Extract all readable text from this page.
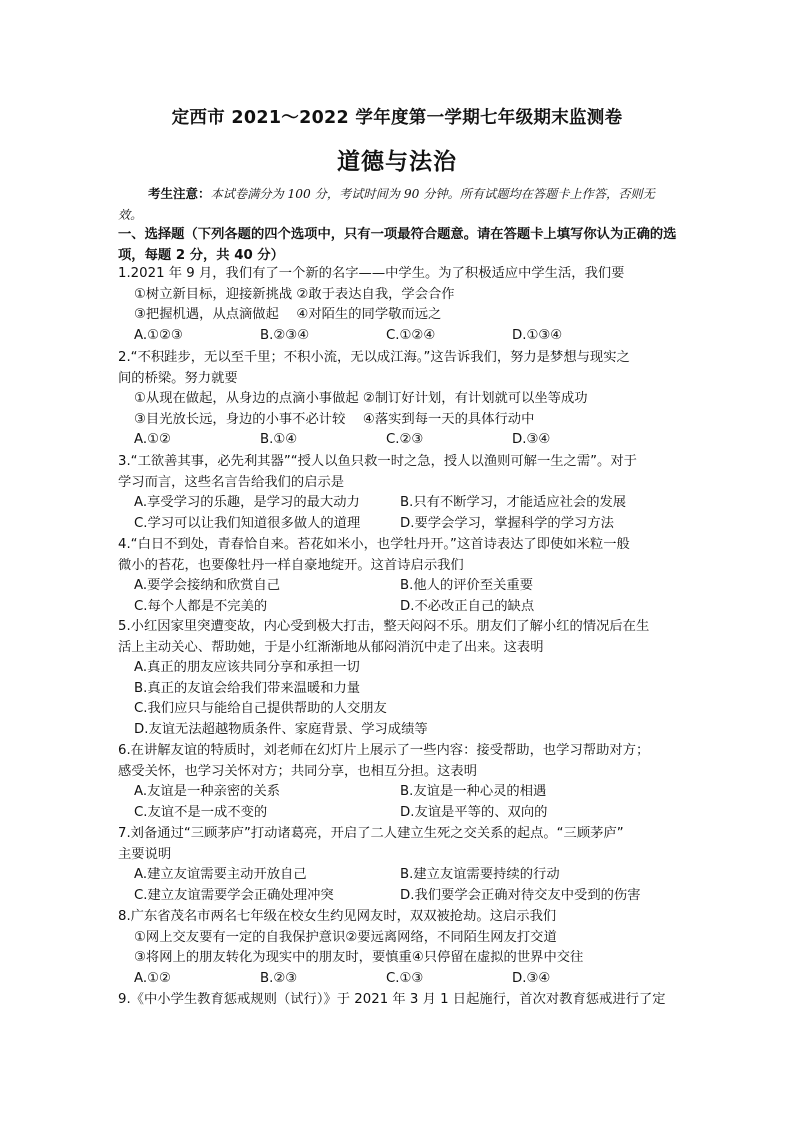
定西市 2021～2022 学年度第一学期七年级期末监测卷
道德与法治
考生注意：本试卷满分为 100 分，考试时间为 90 分钟。所有试题均在答题卡上作答，否则无效。
一、选择题（下列各题的四个选项中，只有一项最符合题意。请在答题卡上填写你认为正确的选项，每题 2 分，共 40 分）
1.2021 年 9 月，我们有了一个新的名字——中学生。为了积极适应中学生活，我们要
①树立新目标，迎接新挑战 ②敢于表达自我，学会合作
③把握机遇，从点滴做起　 ④对陌生的同学敬而远之
A.①②③	B.②③④	C.①②④	D.①③④
2.“不积跬步，无以至千里；不积小流，无以成江海。”这告诉我们，努力是梦想与现实之
间的桥梁。努力就要
①从现在做起，从身边的点滴小事做起 ②制订好计划，有计划就可以坐等成功
③目光放长远，身边的小事不必计较　 ④落实到每一天的具体行动中
A.①②	B.①④	C.②③	D.③④
3.“工欲善其事，必先利其器”“授人以鱼只救一时之急，授人以渔则可解一生之需”。对于
学习而言，这些名言告给我们的启示是
A.享受学习的乐趣，是学习的最大动力	B.只有不断学习，才能适应社会的发展
C.学习可以让我们知道很多做人的道理	D.要学会学习，掌握科学的学习方法
4.“白日不到处，青春恰自来。苔花如米小，也学牡丹开。”这首诗表达了即使如米粒一般
微小的苔花，也要像牡丹一样自豪地绽开。这首诗启示我们
A.要学会接纳和欣赏自己	B.他人的评价至关重要
C.每个人都是不完美的	D.不必改正自己的缺点
5.小红因家里突遭变故，内心受到极大打击，整天闷闷不乐。朋友们了解小红的情况后在生
活上主动关心、帮助她，于是小红渐渐地从郁闷消沉中走了出来。这表明
A.真正的朋友应该共同分享和承担一切
B.真正的友谊会给我们带来温暖和力量
C.我们应只与能给自己提供帮助的人交朋友
D.友谊无法超越物质条件、家庭背景、学习成绩等
6.在讲解友谊的特质时，刘老师在幻灯片上展示了一些内容：接受帮助，也学习帮助对方；
感受关怀，也学习关怀对方；共同分享，也相互分担。这表明
A.友谊是一种亲密的关系	B.友谊是一种心灵的相遇
C.友谊不是一成不变的	D.友谊是平等的、双向的
7.刘备通过“三顾茅庐”打动诸葛亮，开启了二人建立生死之交关系的起点。“三顾茅庐”
主要说明
A.建立友谊需要主动开放自己	B.建立友谊需要持续的行动
C.建立友谊需要学会正确处理冲突	D.我们要学会正确对待交友中受到的伤害
8.广东省茂名市两名七年级在校女生约见网友时，双双被抢劫。这启示我们
①网上交友要有一定的自我保护意识②要远离网络，不同陌生网友打交道
③将网上的朋友转化为现实中的朋友时，要慎重④只停留在虚拟的世界中交往
A.①②	B.②③	C.①③	D.③④
9.《中小学生教育惩戒规则（试行）》于 2021 年 3 月 1 日起施行，首次对教育惩戒进行了定
